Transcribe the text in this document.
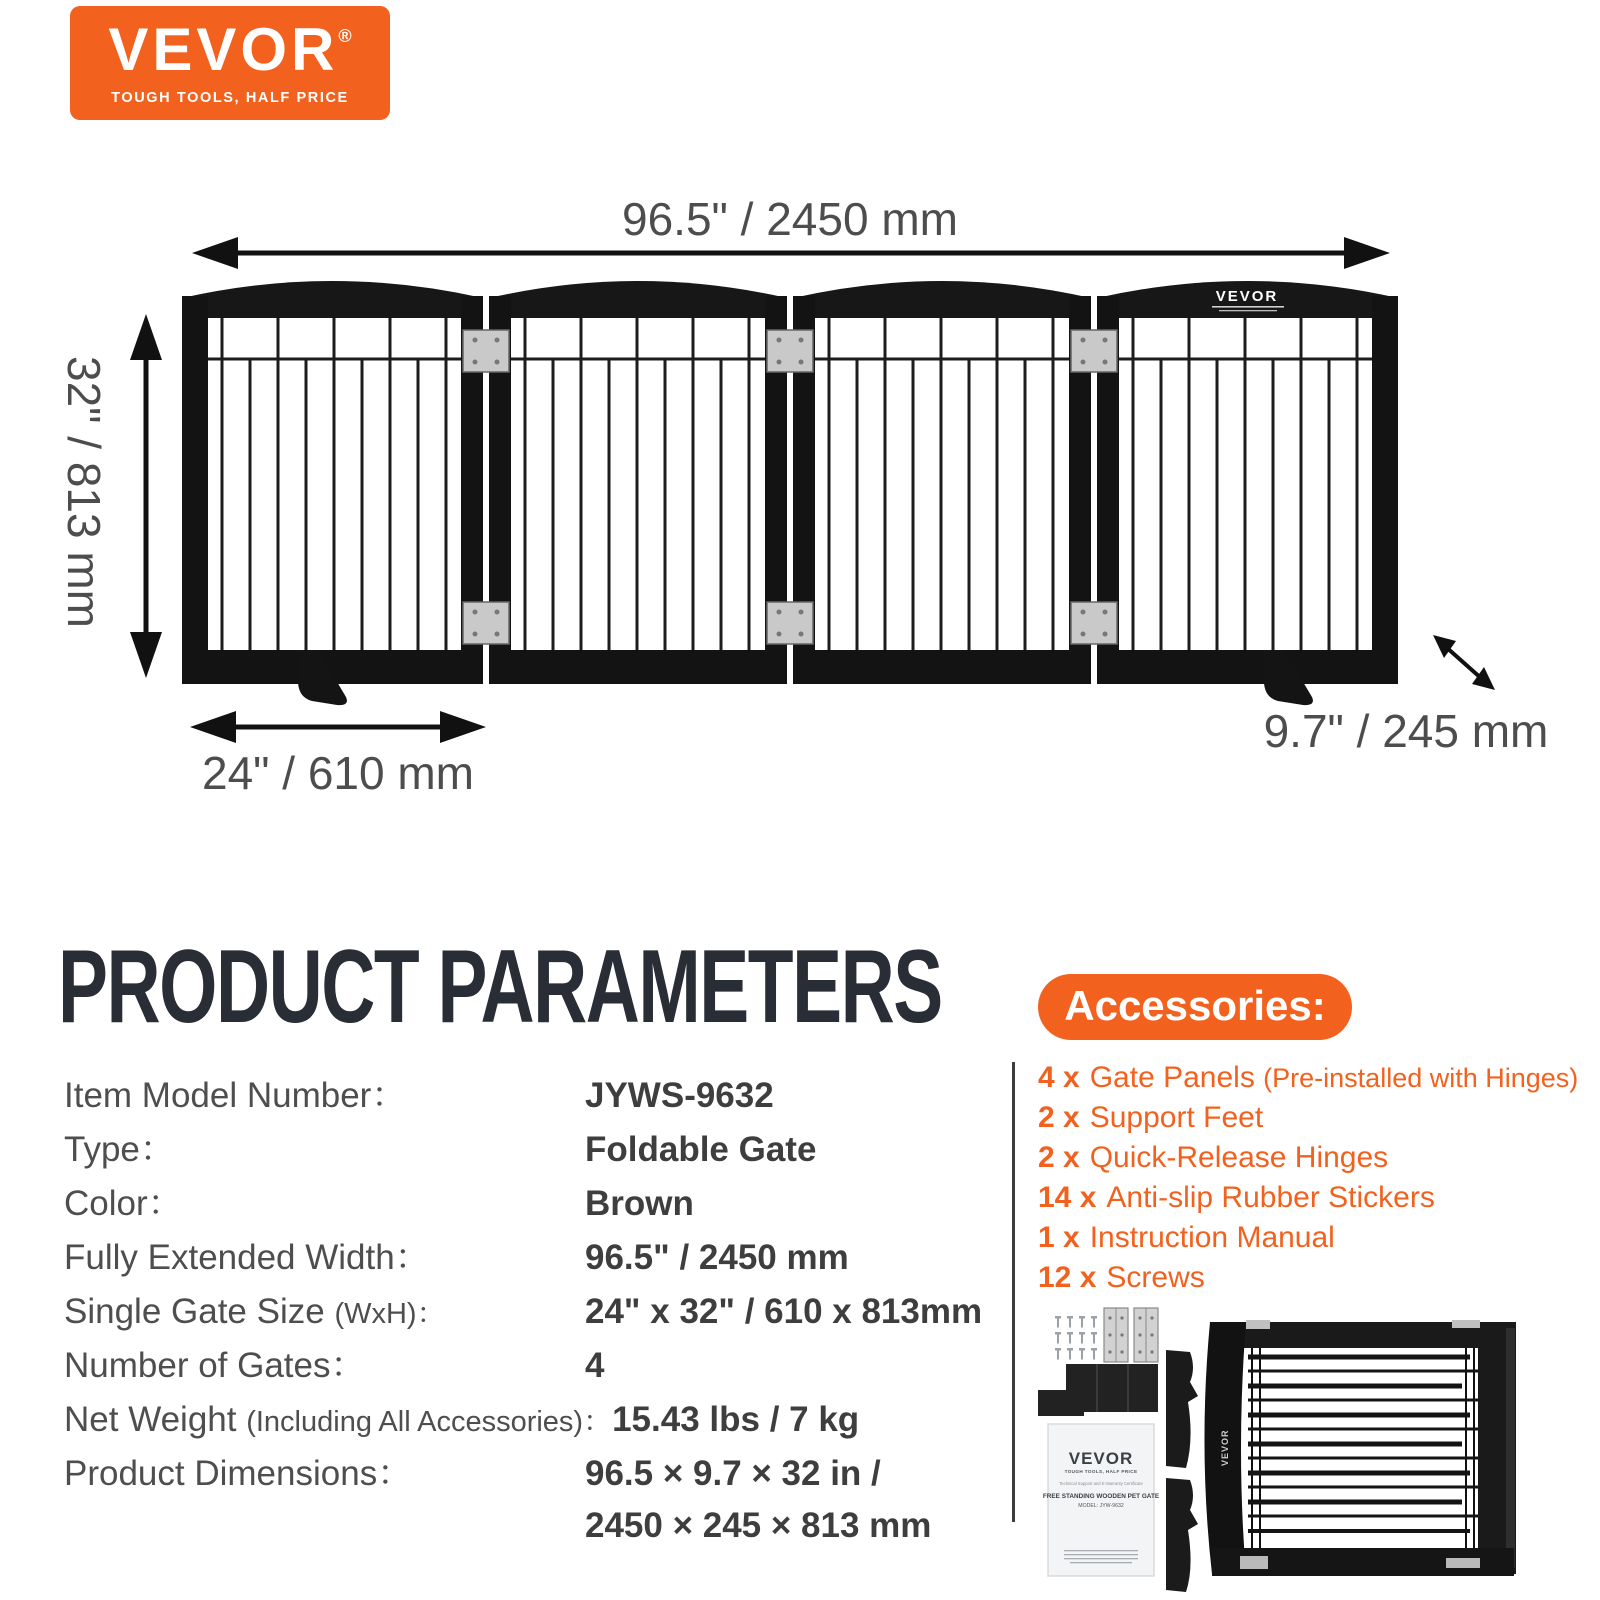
VEVOR
VEVOR
TOUGH TOOLS, HALF PRICE
Technical Support and E-Warranty Certificate
FREE STANDING WOODEN PET GATE
MODEL: JYW-9632
VEVOR
VEVOR®
TOUGH TOOLS, HALF PRICE
96.5" / 2450 mm
32" / 813 mm
24" / 610 mm
9.7" / 245 mm
PRODUCT PARAMETERS
Item Model Number：	JYWS-9632
Type：	Foldable Gate
Color：	Brown
Fully Extended Width：	96.5" / 2450 mm
Single Gate Size (WxH)：	24" x 32" / 610 x 813mm
Number of Gates：	4
Net Weight (Including All Accessories)： 15.43 lbs / 7 kg
Product Dimensions：	96.5 × 9.7 × 32 in /
2450 × 245 × 813 mm
Accessories:
4 x Gate Panels (Pre-installed with Hinges)
2 x Support Feet
2 x Quick-Release Hinges
14 x Anti-slip Rubber Stickers
1 x Instruction Manual
12 x Screws
